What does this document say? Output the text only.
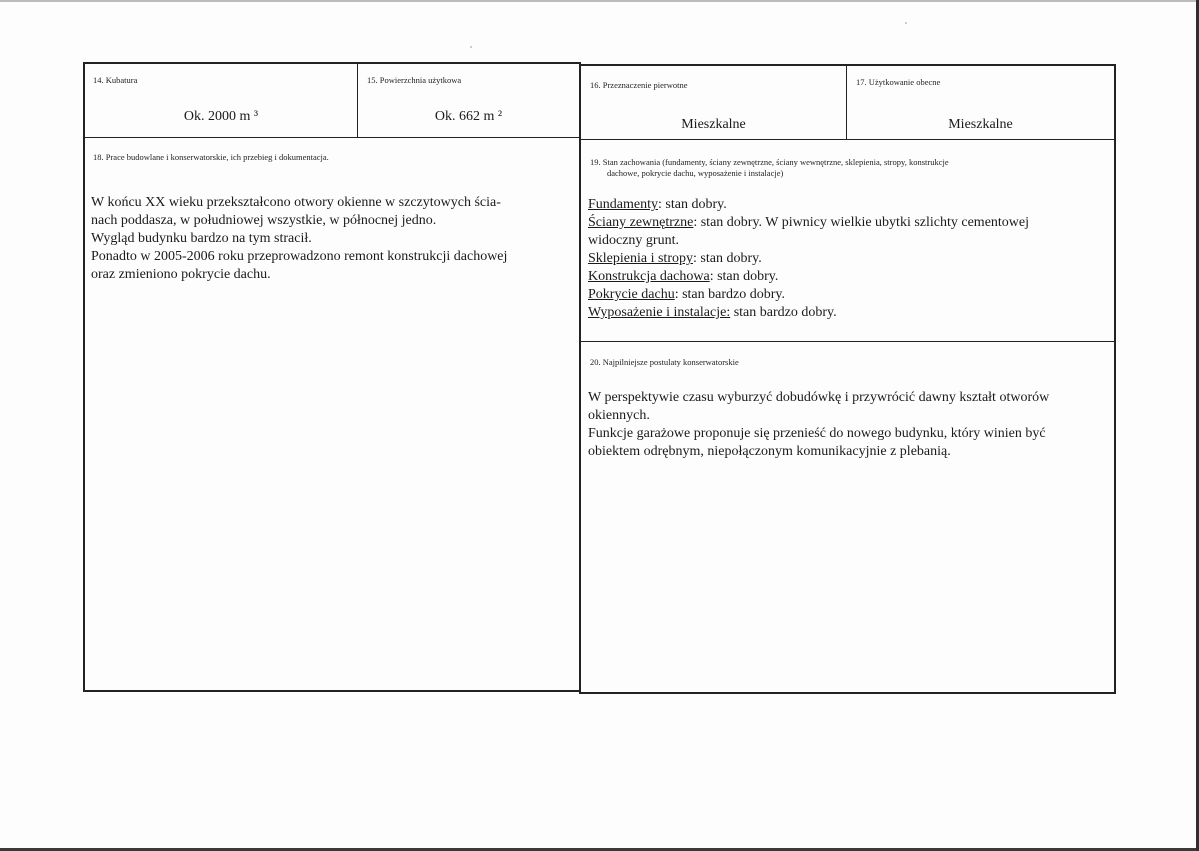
14. Kubatura
Ok. 2000 m ³
15. Powierzchnia użytkowa
Ok. 662 m ²
16. Przeznaczenie pierwotne
Mieszkalne
17. Użytkowanie obecne
Mieszkalne
18. Prace budowlane i konserwatorskie, ich przebieg i dokumentacja.
W końcu XX wieku przekształcono otwory okienne w szczytowych ścia-
nach poddasza, w południowej wszystkie, w północnej jedno.
Wygląd budynku bardzo na tym stracił.
Ponadto w 2005-2006 roku przeprowadzono remont konstrukcji dachowej
oraz zmieniono pokrycie dachu.
19. Stan zachowania (fundamenty, ściany zewnętrzne, ściany wewnętrzne, sklepienia, stropy, konstrukcje
dachowe, pokrycie dachu, wyposażenie i instalacje)
Fundamenty: stan dobry.
Ściany zewnętrzne: stan dobry. W piwnicy wielkie ubytki szlichty cementowej
widoczny grunt.
Sklepienia i stropy: stan dobry.
Konstrukcja dachowa: stan dobry.
Pokrycie dachu: stan bardzo dobry.
Wyposażenie i instalacje: stan bardzo dobry.
20. Najpilniejsze postulaty konserwatorskie
W perspektywie czasu wyburzyć dobudówkę i przywrócić dawny kształt otworów
okiennych.
Funkcje garażowe proponuje się przenieść do nowego budynku, który winien być
obiektem odrębnym, niepołączonym komunikacyjnie z plebanią.
